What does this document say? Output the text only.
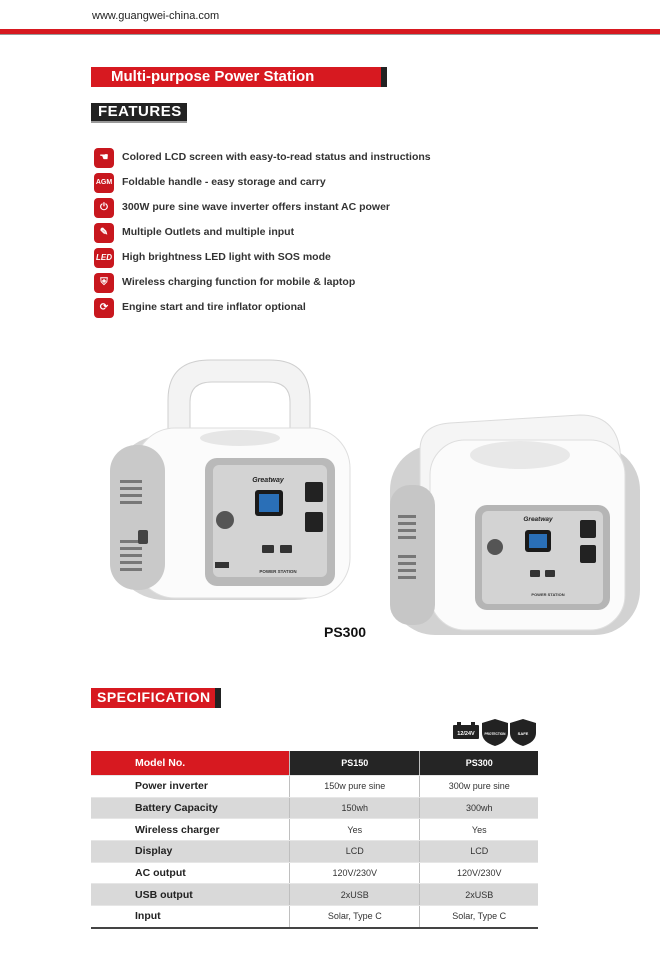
www.guangwei-china.com
Multi-purpose Power Station
FEATURES
☚	Colored LCD screen with easy-to-read status and instructions
AGM Foldable handle - easy storage and carry
⏻	300W pure sine wave inverter offers instant AC power
✎	Multiple Outlets and multiple input
LED High brightness LED light with SOS mode
⛨	Wireless charging function for mobile & laptop
⟳	Engine start and tire inflator optional
Greatway
POWER STATION
Greatway
POWER STATION
PS300
SPECIFICATION
12/24V	PROTECTION	SAFE
Model No.	PS150	PS300
Power inverter	150w pure sine	300w pure sine
Battery Capacity	150wh	300wh
Wireless charger	Yes	Yes
Display	LCD	LCD
AC output	120V/230V	120V/230V
USB output	2xUSB	2xUSB
Input	Solar, Type C	Solar, Type C
